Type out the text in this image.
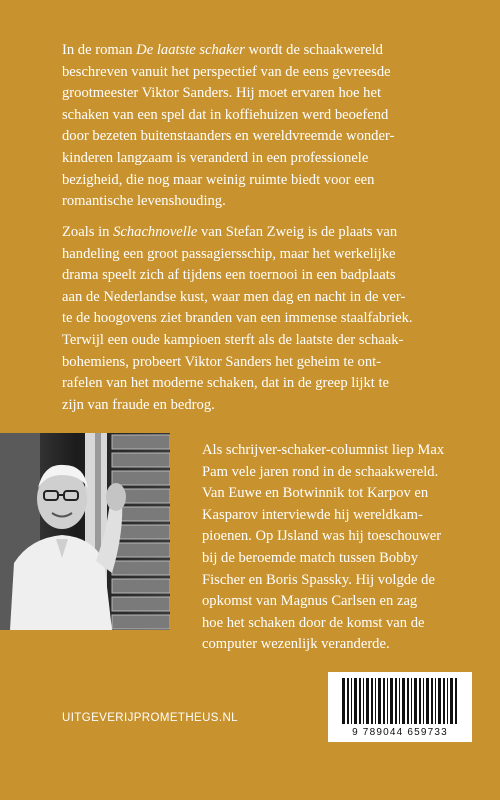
In de roman De laatste schaker wordt de schaakwereld
beschreven vanuit het perspectief van de eens gevreesde
grootmeester Viktor Sanders. Hij moet ervaren hoe het
schaken van een spel dat in koffiehuizen werd beoefend
door bezeten buitenstaanders en wereldvreemde wonder-
kinderen langzaam is veranderd in een professionele
bezigheid, die nog maar weinig ruimte biedt voor een
romantische levenshouding.

Zoals in Schachnovelle van Stefan Zweig is de plaats van
handeling een groot passagiersschip, maar het werkelijke
drama speelt zich af tijdens een toernooi in een badplaats
aan de Nederlandse kust, waar men dag en nacht in de ver-
te de hoogovens ziet branden van een immense staalfabriek.
Terwijl een oude kampioen sterft als de laatste der schaak-
bohemiens, probeert Viktor Sanders het geheim te ont-
rafelen van het moderne schaken, dat in de greep lijkt te
zijn van fraude en bedrog.

Als schrijver-schaker-columnist liep Max
Pam vele jaren rond in de schaakwereld.
Van Euwe en Botwinnik tot Karpov en
Kasparov interviewde hij wereldkam-
pioenen. Op IJsland was hij toeschouwer
bij de beroemde match tussen Bobby
Fischer en Boris Spassky. Hij volgde de
opkomst van Magnus Carlsen en zag
hoe het schaken door de komst van de
computer wezenlijk veranderde.

UITGEVERIJPROMETHEUS.NL
9 789044 659733
